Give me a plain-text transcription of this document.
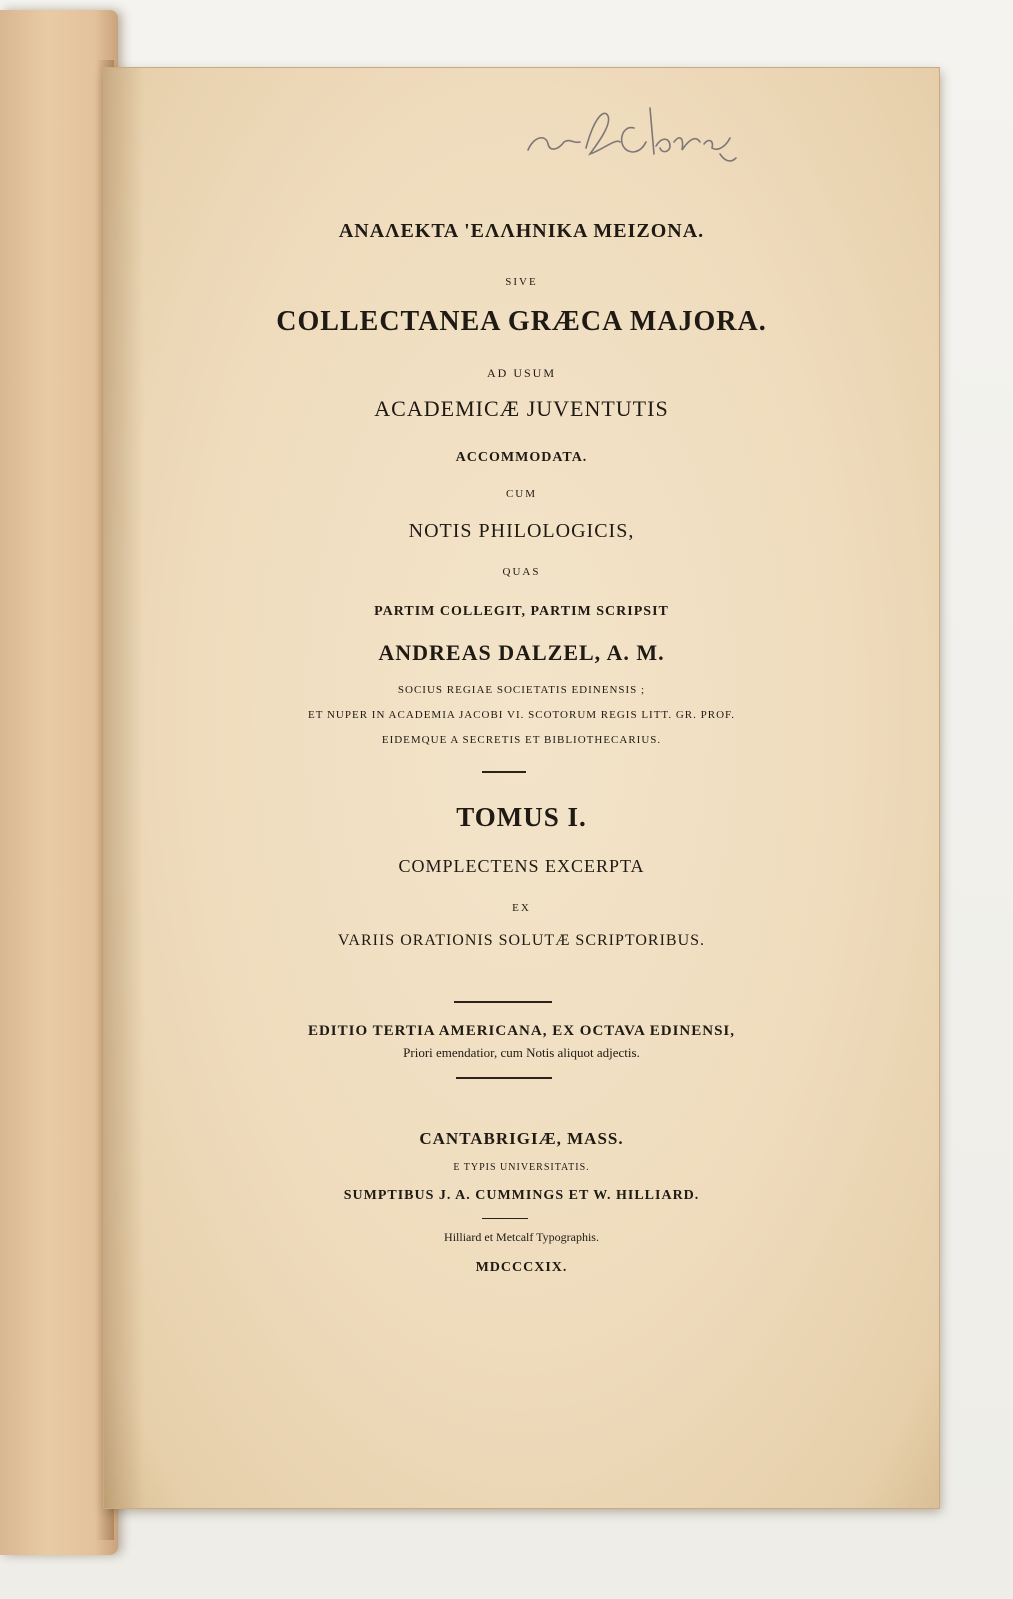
ΑΝΑΛΕΚΤΑ 'ΕΛΛΗΝΙΚΑ ΜΕΙΖΟΝΑ.
SIVE
COLLECTANEA GRÆCA MAJORA.
AD USUM
ACADEMICÆ JUVENTUTIS
ACCOMMODATA.
CUM
NOTIS PHILOLOGICIS,
QUAS
PARTIM COLLEGIT, PARTIM SCRIPSIT
ANDREAS DALZEL, A. M.
SOCIUS REGIAE SOCIETATIS EDINENSIS ;
ET NUPER IN ACADEMIA JACOBI VI. SCOTORUM REGIS LITT. GR. PROF.
EIDEMQUE A SECRETIS ET BIBLIOTHECARIUS.
TOMUS I.
COMPLECTENS EXCERPTA
EX
VARIIS ORATIONIS SOLUTÆ SCRIPTORIBUS.
EDITIO TERTIA AMERICANA, EX OCTAVA EDINENSI,
Priori emendatior, cum Notis aliquot adjectis.
CANTABRIGIÆ, MASS.
E TYPIS UNIVERSITATIS.
SUMPTIBUS J. A. CUMMINGS ET W. HILLIARD.
Hilliard et Metcalf Typographis.
MDCCCXIX.
